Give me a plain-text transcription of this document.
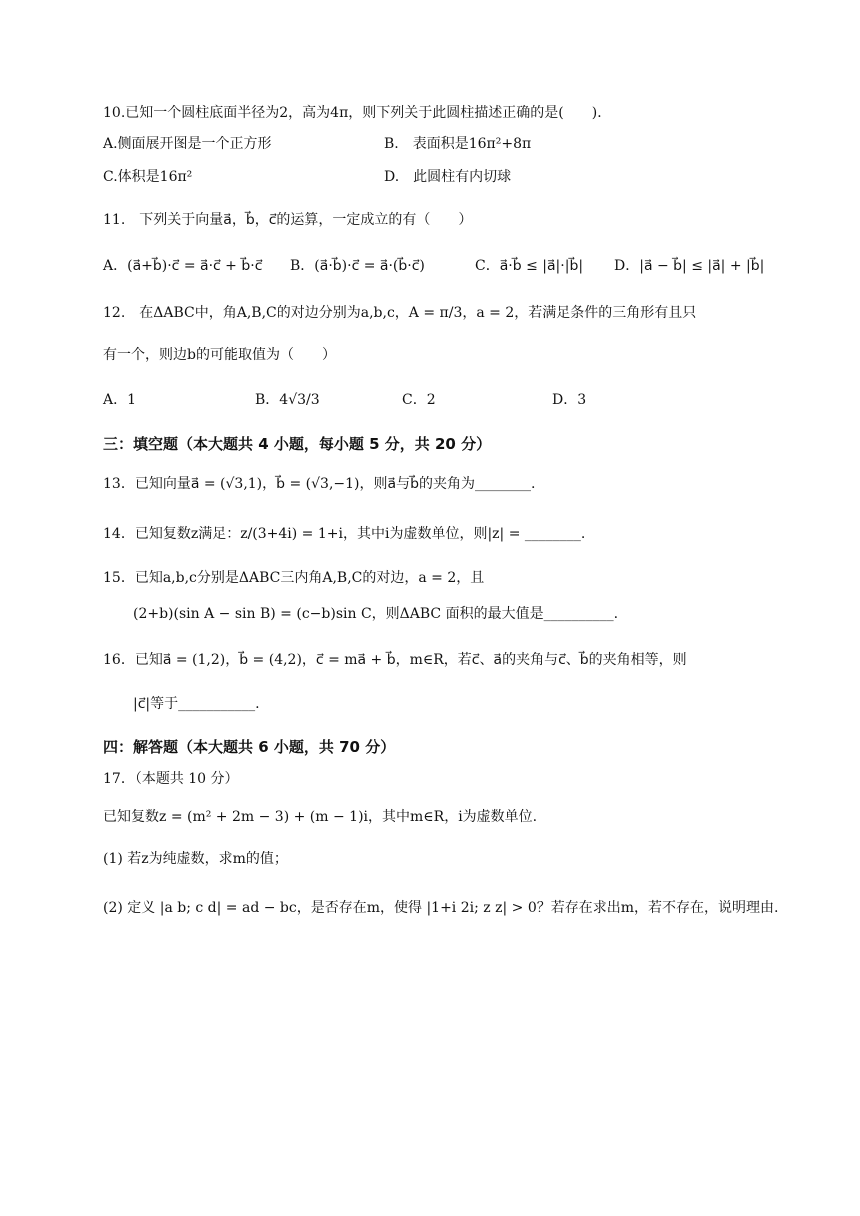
10.已知一个圆柱底面半径为2，高为4π，则下列关于此圆柱描述正确的是(　　)．
A.侧面展开图是一个正方形	B.　表面积是16π²+8π
C.体积是16π²	D.　此圆柱有内切球
11.　下列关于向量a⃗，b⃗，c⃗的运算，一定成立的有（　　）
A．(a⃗+b⃗)·c⃗ = a⃗·c⃗ + b⃗·c⃗ B．(a⃗·b⃗)·c⃗ = a⃗·(b⃗·c⃗)	C．a⃗·b⃗ ≤ |a⃗|·|b⃗| D．|a⃗ − b⃗| ≤ |a⃗| + |b⃗|
12.　在ΔABC中，角A,B,C的对边分别为a,b,c，A = π/3，a = 2，若满足条件的三角形有且只
有一个，则边b的可能取值为（　　）
A．1	B．4√3/3	C．2	D．3
三：填空题（本大题共 4 小题，每小题 5 分，共 20 分）
13．已知向量a⃗ = (√3,1)，b⃗ = (√3,−1)，则a⃗与b⃗的夹角为________.
14．已知复数z满足：z/(3+4i) = 1+i，其中i为虚数单位，则|z| = ________.
15．已知a,b,c分别是ΔABC三内角A,B,C的对边，a = 2，且
(2+b)(sin A − sin B) = (c−b)sin C，则ΔABC 面积的最大值是__________.
16．已知a⃗ = (1,2)，b⃗ = (4,2)，c⃗ = ma⃗ + b⃗，m∈R，若c⃗、a⃗的夹角与c⃗、b⃗的夹角相等，则
|c⃗|等于___________.
四：解答题（本大题共 6 小题，共 70 分）
17．（本题共 10 分）
已知复数z = (m² + 2m − 3) + (m − 1)i，其中m∈R，i为虚数单位.
(1) 若z为纯虚数，求m的值；
(2) 定义 |a b; c d| = ad − bc，是否存在m，使得 |1+i 2i; z z| > 0？若存在求出m，若不存在，说明理由.
